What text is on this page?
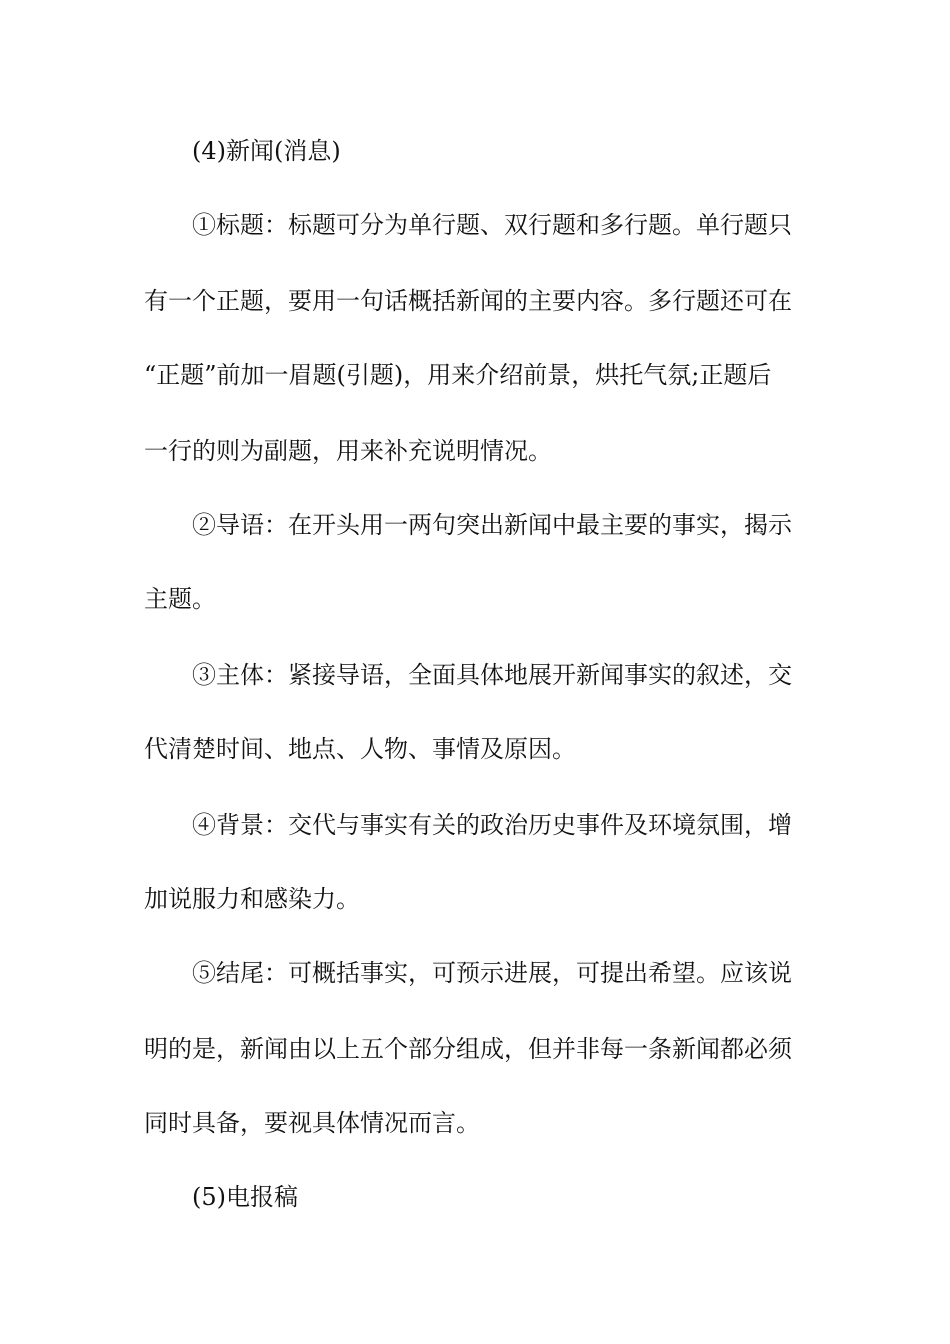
(4)新闻(消息)
①标题：标题可分为单行题、双行题和多行题。单行题只
有一个正题，要用一句话概括新闻的主要内容。多行题还可在
“正题”前加一眉题(引题)，用来介绍前景，烘托气氛;正题后
一行的则为副题，用来补充说明情况。
②导语：在开头用一两句突出新闻中最主要的事实，揭示
主题。
③主体：紧接导语，全面具体地展开新闻事实的叙述，交
代清楚时间、地点、人物、事情及原因。
④背景：交代与事实有关的政治历史事件及环境氛围，增
加说服力和感染力。
⑤结尾：可概括事实，可预示进展，可提出希望。应该说
明的是，新闻由以上五个部分组成，但并非每一条新闻都必须
同时具备，要视具体情况而言。
(5)电报稿
